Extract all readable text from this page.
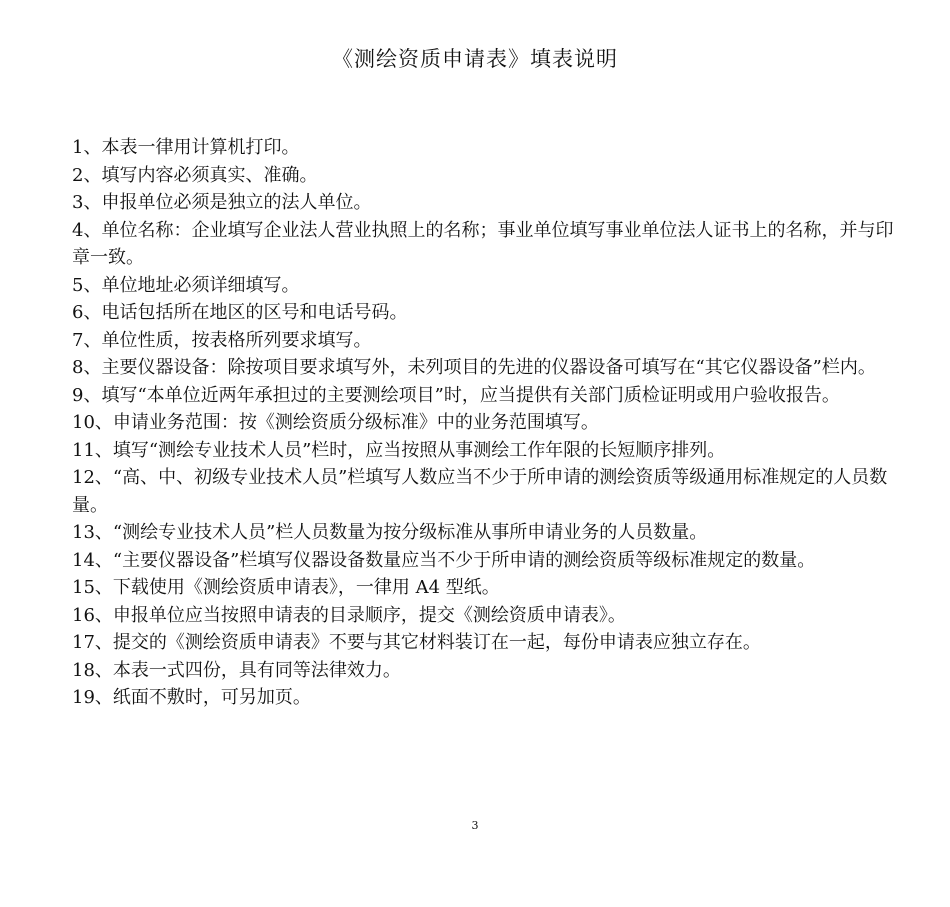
《测绘资质申请表》填表说明
1、本表一律用计算机打印。
2、填写内容必须真实、准确。
3、申报单位必须是独立的法人单位。
4、单位名称：企业填写企业法人营业执照上的名称；事业单位填写事业单位法人证书上的名称，并与印章一致。
5、单位地址必须详细填写。
6、电话包括所在地区的区号和电话号码。
7、单位性质，按表格所列要求填写。
8、主要仪器设备：除按项目要求填写外，未列项目的先进的仪器设备可填写在“其它仪器设备”栏内。
9、填写“本单位近两年承担过的主要测绘项目”时，应当提供有关部门质检证明或用户验收报告。
10、申请业务范围：按《测绘资质分级标准》中的业务范围填写。
11、填写“测绘专业技术人员”栏时，应当按照从事测绘工作年限的长短顺序排列。
12、“高、中、初级专业技术人员”栏填写人数应当不少于所申请的测绘资质等级通用标准规定的人员数量。
13、“测绘专业技术人员”栏人员数量为按分级标准从事所申请业务的人员数量。
14、“主要仪器设备”栏填写仪器设备数量应当不少于所申请的测绘资质等级标准规定的数量。
15、下载使用《测绘资质申请表》，一律用 A4 型纸。
16、申报单位应当按照申请表的目录顺序，提交《测绘资质申请表》。
17、提交的《测绘资质申请表》不要与其它材料装订在一起，每份申请表应独立存在。
18、本表一式四份，具有同等法律效力。
19、纸面不敷时，可另加页。
3
